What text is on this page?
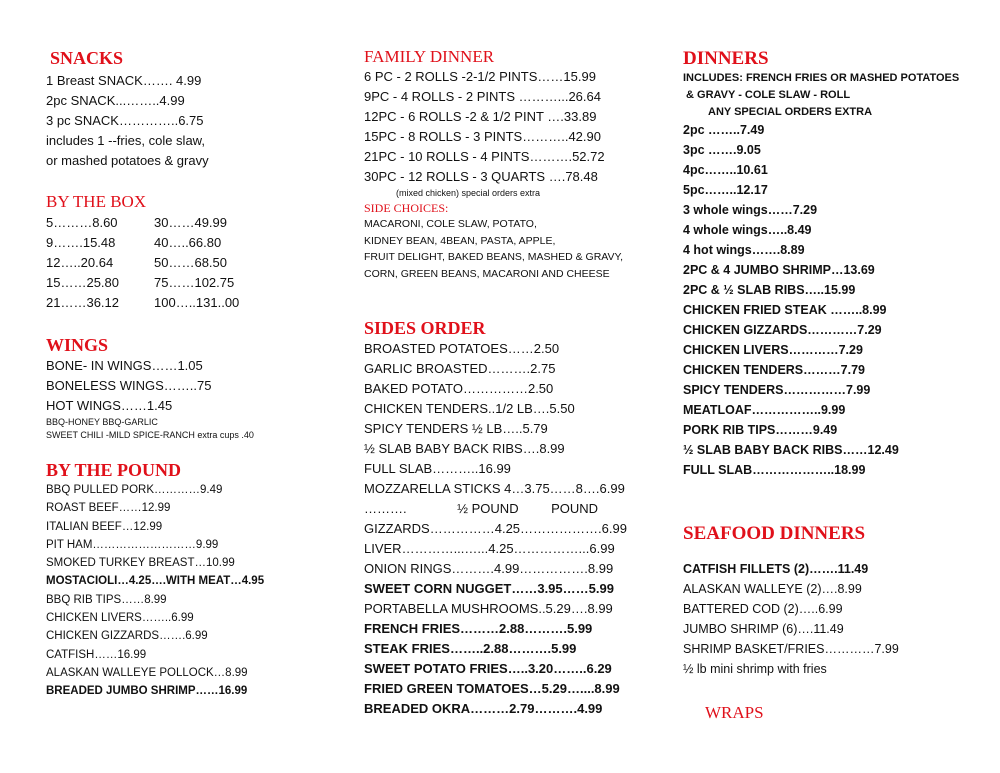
SNACKS
1 Breast SNACK……. 4.99
2pc SNACK...……..4.99
3 pc SNACK…………..6.75
includes 1 --fries, cole slaw,
or mashed potatoes & gravy
BY THE BOX
5………8.60	30……49.99
9…….15.48	40…..66.80
12…..20.64	50……68.50
15……25.80	75……102.75
21……36.12	100…..131..00
WINGS
BONE- IN WINGS……1.05
BONELESS WINGS……..75
HOT WINGS……1.45
BBQ-HONEY BBQ-GARLIC
SWEET CHILI -MILD SPICE-RANCH extra cups .40
BY THE POUND
BBQ PULLED PORK…………9.49
ROAST BEEF……12.99
ITALIAN BEEF…12.99
PIT HAM………………………9.99
SMOKED TURKEY BREAST…10.99
MOSTACIOLI…4.25….WITH MEAT…4.95
BBQ RIB TIPS……8.99
CHICKEN LIVERS……..6.99
CHICKEN GIZZARDS…….6.99
CATFISH……16.99
ALASKAN WALLEYE POLLOCK…8.99
BREADED JUMBO SHRIMP……16.99
FAMILY DINNER
6 PC - 2 ROLLS -2-1/2 PINTS……15.99
9PC - 4 ROLLS - 2 PINTS ………...26.64
12PC - 6 ROLLS -2 & 1/2 PINT ….33.89
15PC - 8 ROLLS - 3 PINTS………..42.90
21PC - 10 ROLLS - 4 PINTS……….52.72
30PC - 12 ROLLS - 3 QUARTS ….78.48
(mixed chicken) special orders extra
SIDE CHOICES:
MACARONI, COLE SLAW, POTATO,
KIDNEY BEAN, 4BEAN, PASTA, APPLE,
FRUIT DELIGHT, BAKED BEANS, MASHED & GRAVY,
CORN, GREEN BEANS, MACARONI AND CHEESE
SIDES ORDER
BROASTED POTATOES……2.50
GARLIC BROASTED……….2.75
BAKED POTATO……………2.50
CHICKEN TENDERS..1/2 LB….5.50
SPICY TENDERS ½ LB…..5.79
½ SLAB BABY BACK RIBS….8.99
FULL SLAB………..16.99
MOZZARELLA STICKS 4…3.75……8….6.99
……….              ½ POUND         POUND
GIZZARDS……………4.25……………….6.99
LIVER…………...…...4.25……………...6.99
ONION RINGS……….4.99…………….8.99
SWEET CORN NUGGET……3.95……5.99
PORTABELLA MUSHROOMS..5.29….8.99
FRENCH FRIES………2.88……….5.99
STEAK FRIES……..2.88……….5.99
SWEET POTATO FRIES…..3.20……..6.29
FRIED GREEN TOMATOES…5.29…....8.99
BREADED OKRA………2.79……….4.99
DINNERS
INCLUDES: FRENCH FRIES OR MASHED POTATOES
& GRAVY - COLE SLAW - ROLL
ANY SPECIAL ORDERS EXTRA
2pc ……..7.49
3pc …….9.05
4pc……..10.61
5pc……..12.17
3 whole wings……7.29
4 whole wings…..8.49
4 hot wings…….8.89
2PC & 4 JUMBO SHRIMP…13.69
2PC & ½ SLAB RIBS…..15.99
CHICKEN FRIED STEAK ……..8.99
CHICKEN GIZZARDS…………7.29
CHICKEN LIVERS…………7.29
CHICKEN TENDERS………7.79
SPICY TENDERS……………7.99
MEATLOAF……………..9.99
PORK RIB TIPS………9.49
½ SLAB BABY BACK RIBS……12.49
FULL SLAB………………..18.99
SEAFOOD DINNERS
CATFISH FILLETS (2)…….11.49
ALASKAN WALLEYE (2)….8.99
BATTERED COD (2)…..6.99
JUMBO SHRIMP (6)….11.49
SHRIMP BASKET/FRIES…………7.99
½ lb mini shrimp with fries
WRAPS
